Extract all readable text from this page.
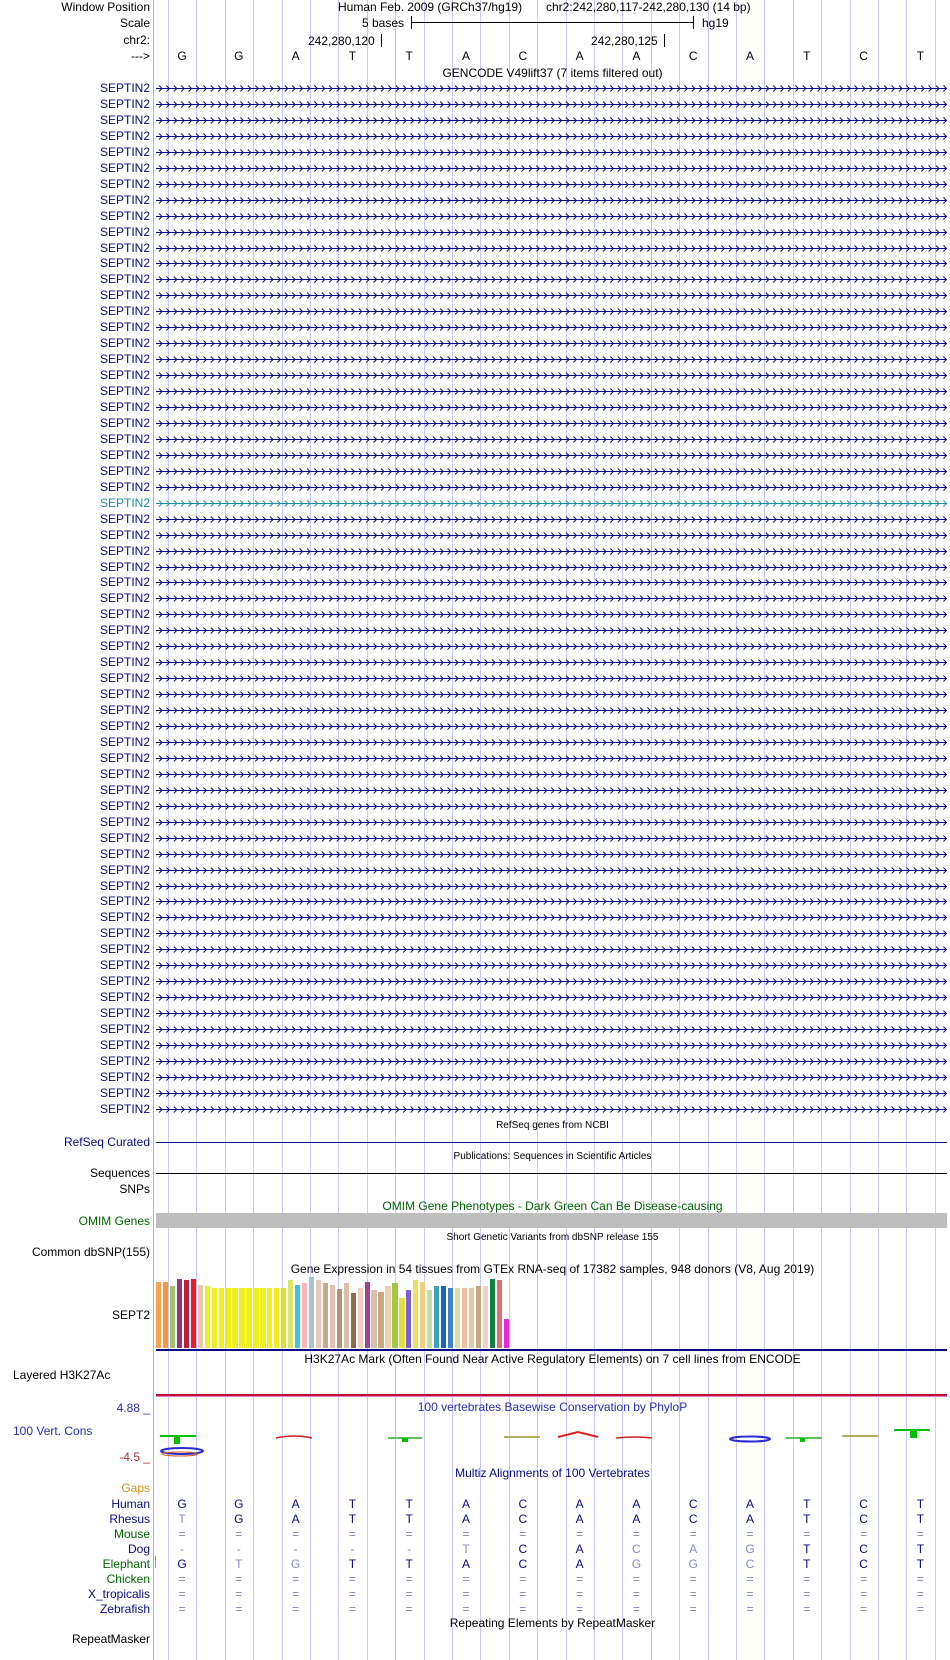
Window Position
Scale
chr2:
--->
Human Feb. 2009 (GRCh37/hg19) chr2:242,280,117-242,280,130 (14 bp)
5 bases	hg19
242,280,120	242,280,125
G	G	A	T	T	A	C	A	A	C	A	T	C	T
GENCODE V49lift37 (7 items filtered out)
SEPTIN2
SEPTIN2
SEPTIN2
SEPTIN2
SEPTIN2
SEPTIN2
SEPTIN2
SEPTIN2
SEPTIN2
SEPTIN2
SEPTIN2
SEPTIN2
SEPTIN2
SEPTIN2
SEPTIN2
SEPTIN2
SEPTIN2
SEPTIN2
SEPTIN2
SEPTIN2
SEPTIN2
SEPTIN2
SEPTIN2
SEPTIN2
SEPTIN2
SEPTIN2
SEPTIN2
SEPTIN2
SEPTIN2
SEPTIN2
SEPTIN2
SEPTIN2
SEPTIN2
SEPTIN2
SEPTIN2
SEPTIN2
SEPTIN2
SEPTIN2
SEPTIN2
SEPTIN2
SEPTIN2
SEPTIN2
SEPTIN2
SEPTIN2
SEPTIN2
SEPTIN2
SEPTIN2
SEPTIN2
SEPTIN2
SEPTIN2
SEPTIN2
SEPTIN2
SEPTIN2
SEPTIN2
SEPTIN2
SEPTIN2
SEPTIN2
SEPTIN2
SEPTIN2
SEPTIN2
SEPTIN2
SEPTIN2
SEPTIN2
SEPTIN2
SEPTIN2
RefSeq genes from NCBI
RefSeq Curated
Publications: Sequences in Scientific Articles
Sequences
SNPs
OMIM Gene Phenotypes - Dark Green Can Be Disease-causing
OMIM Genes
Short Genetic Variants from dbSNP release 155
Common dbSNP(155)
Gene Expression in 54 tissues from GTEx RNA-seq of 17382 samples, 948 donors (V8, Aug 2019)
SEPT2
H3K27Ac Mark (Often Found Near Active Regulatory Elements) on 7 cell lines from ENCODE
Layered H3K27Ac
100 vertebrates Basewise Conservation by PhyloP
4.88 _
100 Vert. Cons
-4.5 _
Multiz Alignments of 100 Vertebrates
Gaps
Human	G	G	A	T	T	A	C	A	A	C	A	T	C	T
Rhesus	T	G	A	T	T	A	C	A	A	C	A	T	C	T
Mouse	=	=	=	=	=	=	=	=	=	=	=	=	=	=
Dog	-	-	-	-	-	T	C	A	C	A	G	T	C	T
Elephant	G	T	G	T	T	A	C	A	G	G	C	T	C	T
Chicken	=	=	=	=	=	=	=	=	=	=	=	=	=	=
X_tropicalis	=	=	=	=	=	=	=	=	=	=	=	=	=	=
Zebrafish	=	=	=	=	=	=	=	=	=	=	=	=	=	=
Repeating Elements by RepeatMasker
RepeatMasker
